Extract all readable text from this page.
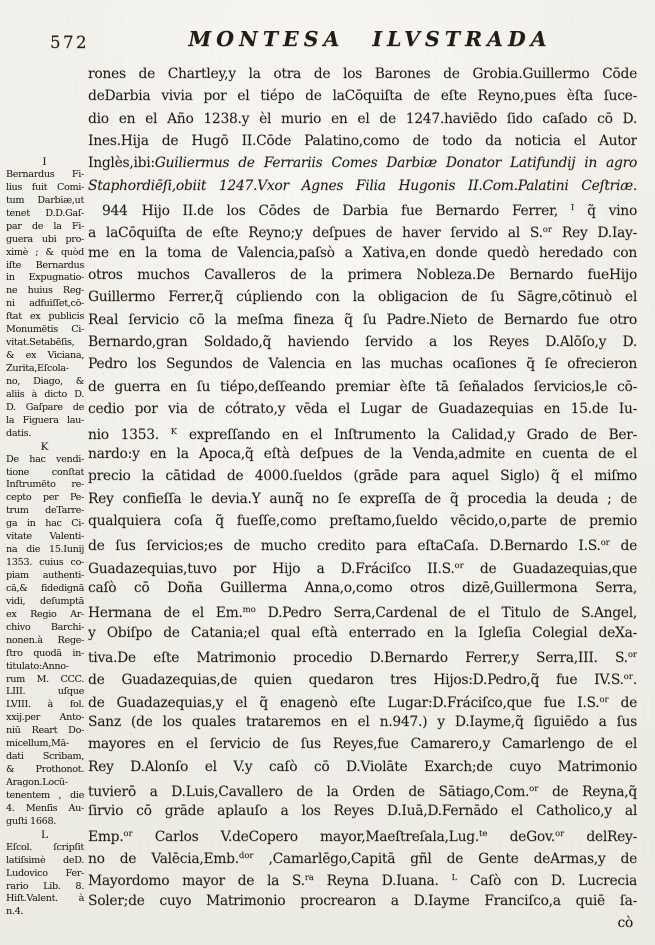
572	MONTESA ILVSTRADA
I
Bernardus Fi-
lius fuit Comi-
tum Darbiæ,ut
tenet D.D.Gaſ-
par de la Fi-
guera ubi pro-
ximè ; & quòd
iſte Bernardus
in Expugnatio-
ne huius Reg-
ni adfuiſſet,cō-
ſtat ex publicis
Monumētis Ci-
vitat.Setabēſis,
& ex Viciana,
Zurita,Eſcola-
no, Diago, &
aliis à dicto D.
D. Gaſpare de
la Figuera lau-
datis.
K
De hac vendi-
tione conſtat
Inſtrumēto re-
cepto per Pe-
trum deTarre-
ga in hac Ci-
vitate Valenti-
na die 15.Iunij
1353. cuius co-
piam authenti-
cā,& fidedignā
vidi, deſumptā
ex Regio Ar-
chivo Barchi-
nonen.à Rege-
ſtro quodā in-
titulato:Anno-
rum M. CCC.
LIII. uſque
LVIII. à fol.
xxij.per Anto-
niū Reart Do-
micellum,Mā-
dati Scribam,
& Prothonot.
Aragon.Locū-
tenentem , die
4. Menſis Au-
guſti 1668.
L
Eſcol. ſcripſit
latiſsimè deD.
Ludovico Fer-
rario Lib. 8.
Hiſt.Valent. à
n.4.
rones de Chartley,y la otra de los Barones de Grobia.Guillermo Cōde
deDarbia vivia por el tiépo de laCōquiſta de eſte Reyno,pues èſta ſuce-
dio en el Año 1238.y èl murio en el de 1247.haviēdo ſido caſado cō D.
Ines.Hija de Hugō II.Cōde Palatino,como de todo da noticia el Autor
Inglès,ibi:Guiliermus de Ferrariis Comes Darbiæ Donator Latifundij in agro
Staphordiēſi,obiit 1247.Vxor Agnes Filia Hugonis II.Com.Palatini Ceſtriæ.
944 Hijo II.de los Cōdes de Darbia fue Bernardo Ferrer, $^I$ q̃ vino
a laCōquiſta de eſte Reyno;y deſpues de haver ſervido al S.$^{or}$ Rey D.Iay-
me en la toma de Valencia,paſsò a Xativa,en donde quedò heredado con
otros muchos Cavalleros de la primera Nobleza.De Bernardo fueHijo
Guillermo Ferrer,q̃ cúpliendo con la obligacion de ſu Sāgre,cōtinuò el
Real ſervicio cō la meſma fineza q̃ ſu Padre.Nieto de Bernardo fue otro
Bernardo,gran Soldado,q̃ haviendo ſervido a los Reyes D.Alōſo,y D.
Pedro los Segundos de Valencia en las muchas ocaſiones q̃ ſe ofrecieron
de guerra en ſu tiépo,deſſeando premiar èſte tā ſeñalados ſervicios,le cō-
cedio por via de cótrato,y vēda el Lugar de Guadazequias en 15.de Iu-
nio 1353. $^K$ expreſſando en el Inſtrumento la Calidad,y Grado de Ber-
nardo:y en la Apoca,q̃ eſtà deſpues de la Venda,admite en cuenta de el
precio la cātidad de 4000.ſueldos (grāde para aquel Siglo) q̃ el miſmo
Rey confieſſa le devia.Y aunq̃ no ſe expreſſa de q̃ procedia la deuda ; de
qualquiera coſa q̃ fueſſe,como preſtamo,ſueldo vēcido,o,parte de premio
de ſus ſervicios;es de mucho credito para eſtaCaſa. D.Bernardo I.S.$^{or}$ de
Guadazequias,tuvo por Hijo a D.Fráciſco II.S.$^{or}$ de Guadazequias,que
caſò cō Doña Guillerma Anna,o,como otros dizē,Guillermona Serra,
Hermana de el Em.$^{mo}$ D.Pedro Serra,Cardenal de el Titulo de S.Angel,
y Obiſpo de Catania;el qual eſtà enterrado en la Igleſia Colegial deXa-
tiva.De eſte Matrimonio procedio D.Bernardo Ferrer,y Serra,III. S.$^{or}$
de Guadazequias,de quien quedaron tres Hijos:D.Pedro,q̃ fue IV.S.$^{or}$.
de Guadazequias,y el q̃ enagenò eſte Lugar:D.Fráciſco,que fue I.S.$^{or}$ de
Sanz (de los quales trataremos en el n.947.) y D.Iayme,q̃ ſiguiēdo a ſus
mayores en el ſervicio de ſus Reyes,fue Camarero,y Camarlengo de el
Rey D.Alonſo el V.y caſò cō D.Violāte Exarch;de cuyo Matrimonio
tuvierō a D.Luis,Cavallero de la Orden de Sātiago,Com.$^{or}$ de Reyna,q̃
ſirvio cō grāde aplauſo a los Reyes D.Iuā,D.Fernādo el Catholico,y al
Emp.$^{or}$ Carlos V.deCopero mayor,Maeſtreſala,Lug.$^{te}$ deGov.$^{or}$ delRey-
no de Valēcia,Emb.$^{dor}$ ,Camarlēgo,Capitā gñl de Gente deArmas,y de
Mayordomo mayor de la S.$^{ra}$ Reyna D.Iuana. $^L$ Caſò con D. Lucrecia
Soler;de cuyo Matrimonio procrearon a D.Iayme Franciſco,a quiē ſa-
cò
